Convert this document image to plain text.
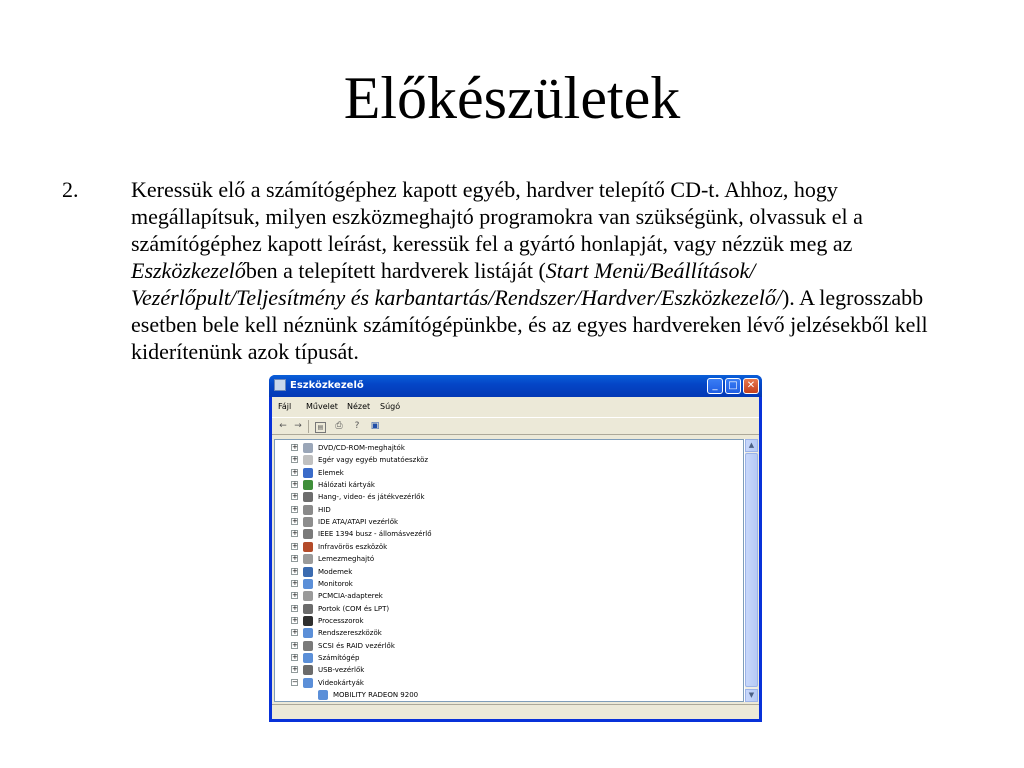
Előkészületek
2. Keressük elő a számítógéphez kapott egyéb, hardver telepítő CD-t. Ahhoz, hogy megállapítsuk, milyen eszközmeghajtó programokra van szükségünk, olvassuk el a számítógéphez kapott leírást, keressük fel a gyártó honlapját, vagy nézzük meg az Eszközkezelőben a telepített hardverek listáját (Start Menü/Beállítások/ Vezérlőpult/Teljesítmény és karbantartás/Rendszer/Hardver/Eszközkezelő/). A legrosszabb esetben bele kell néznünk számítógépünkbe, és az egyes hardvereken lévő jelzésekből kell kiderítenünk azok típusát.
Eszközkezelő	_	□ ✕
Fájl Művelet Nézet Súgó
← →	▤ ⎙	?	▣
+	DVD/CD-ROM-meghajtók
+	Egér vagy egyéb mutatóeszköz
+	Elemek
+	Hálózati kártyák
+	Hang-, video- és játékvezérlők
+	HID
+	IDE ATA/ATAPI vezérlők
+	IEEE 1394 busz - állomásvezérlő
+	Infravörös eszközök
+	Lemezmeghajtó
+	Modemek
+	Monitorok
+	PCMCIA-adapterek
+	Portok (COM és LPT)
+	Processzorok
+	Rendszereszközök
+	SCSI és RAID vezérlők
+	Számítógép
+	USB-vezérlők
−	Videokártyák
MOBILITY RADEON 9200
▲
▼
